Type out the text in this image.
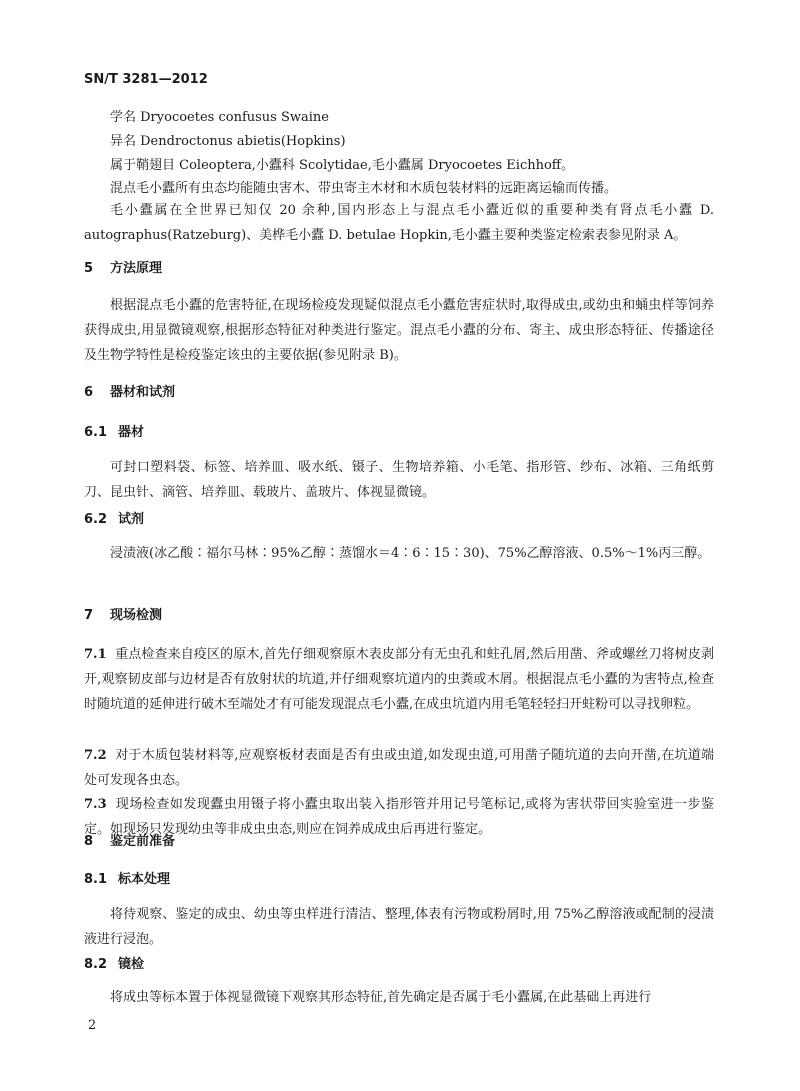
SN/T 3281—2012
学名 Dryocoetes confusus Swaine
异名 Dendroctonus abietis(Hopkins)
属于鞘翅目 Coleoptera,小蠹科 Scolytidae,毛小蠹属 Dryocoetes Eichhoff。
混点毛小蠹所有虫态均能随虫害木、带虫寄主木材和木质包装材料的远距离运输而传播。

毛小蠹属在全世界已知仅 20 余种,国内形态上与混点毛小蠹近似的重要种类有肾点毛小蠹 D. autographus(Ratzeburg)、美桦毛小蠹 D. betulae Hopkin,毛小蠹主要种类鉴定检索表参见附录 A。

5 方法原理

根据混点毛小蠹的危害特征,在现场检疫发现疑似混点毛小蠹危害症状时,取得成虫,或幼虫和蛹虫样等饲养获得成虫,用显微镜观察,根据形态特征对种类进行鉴定。混点毛小蠹的分布、寄主、成虫形态特征、传播途径及生物学特性是检疫鉴定该虫的主要依据(参见附录 B)。

6 器材和试剂
6.1 器材

可封口塑料袋、标签、培养皿、吸水纸、镊子、生物培养箱、小毛笔、指形管、纱布、冰箱、三角纸剪刀、昆虫针、滴管、培养皿、载玻片、盖玻片、体视显微镜。

6.2 试剂

浸渍液(冰乙酸∶福尔马林∶95%乙醇∶蒸馏水＝4∶6∶15∶30)、75%乙醇溶液、0.5%～1%丙三醇。

7 现场检测

7.1 重点检查来自疫区的原木,首先仔细观察原木表皮部分有无虫孔和蛀孔屑,然后用凿、斧或螺丝刀将树皮剥开,观察韧皮部与边材是否有放射状的坑道,并仔细观察坑道内的虫粪或木屑。根据混点毛小蠹的为害特点,检查时随坑道的延伸进行破木至端处才有可能发现混点毛小蠹,在成虫坑道内用毛笔轻轻扫开蛀粉可以寻找卵粒。

7.2 对于木质包装材料等,应观察板材表面是否有虫或虫道,如发现虫道,可用凿子随坑道的去向开凿,在坑道端处可发现各虫态。

7.3 现场检查如发现蠹虫用镊子将小蠹虫取出装入指形管并用记号笔标记,或将为害状带回实验室进一步鉴定。如现场只发现幼虫等非成虫虫态,则应在饲养成成虫后再进行鉴定。

8 鉴定前准备
8.1 标本处理

将待观察、鉴定的成虫、幼虫等虫样进行清洁、整理,体表有污物或粉屑时,用 75%乙醇溶液或配制的浸渍液进行浸泡。

8.2 镜检

将成虫等标本置于体视显微镜下观察其形态特征,首先确定是否属于毛小蠹属,在此基础上再进行

2
